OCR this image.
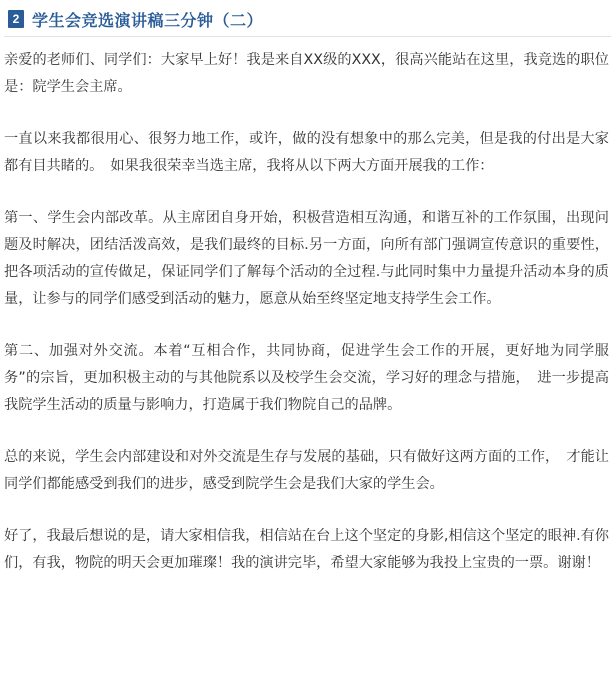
2 学生会竞选演讲稿三分钟（二）

亲爱的老师们、同学们：大家早上好！我是来自XX级的XXX，很高兴能站在这里，我竞选的职位是：院学生会主席。

一直以来我都很用心、很努力地工作，或许，做的没有想象中的那么完美，但是我的付出是大家都有目共睹的。　如果我很荣幸当选主席，我将从以下两大方面开展我的工作：

第一、学生会内部改革。从主席团自身开始，积极营造相互沟通，和谐互补的工作氛围，出现问题及时解决，团结活泼高效，是我们最终的目标.另一方面，向所有部门强调宣传意识的重要性，把各项活动的宣传做足，保证同学们了解每个活动的全过程.与此同时集中力量提升活动本身的质量，让参与的同学们感受到活动的魅力，愿意从始至终坚定地支持学生会工作。

第二、加强对外交流。本着“互相合作，共同协商，促进学生会工作的开展，更好地为同学服务”的宗旨，更加积极主动的与其他院系以及校学生会交流，学习好的理念与措施，　进一步提高我院学生活动的质量与影响力，打造属于我们物院自己的品牌。

总的来说，学生会内部建设和对外交流是生存与发展的基础，只有做好这两方面的工作，　才能让同学们都能感受到我们的进步，感受到院学生会是我们大家的学生会。

好了，我最后想说的是，请大家相信我，相信站在台上这个坚定的身影,相信这个坚定的眼神.有你们，有我，物院的明天会更加璀璨！我的演讲完毕，希望大家能够为我投上宝贵的一票。谢谢！
